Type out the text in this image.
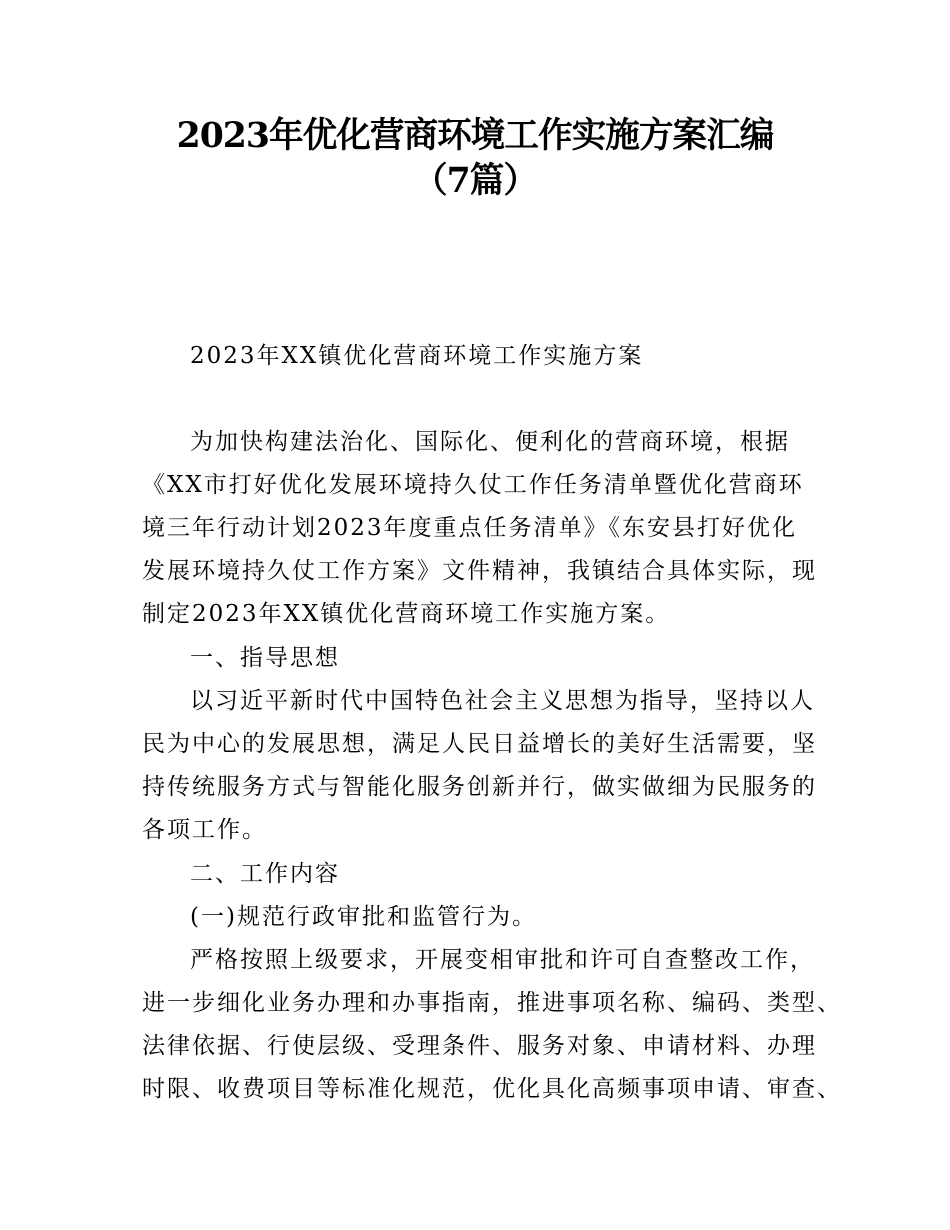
2023年优化营商环境工作实施方案汇编
（7篇）
2023年XX镇优化营商环境工作实施方案
为加快构建法治化、国际化、便利化的营商环境，根据
《XX市打好优化发展环境持久仗工作任务清单暨优化营商环
境三年行动计划2023年度重点任务清单》《东安县打好优化
发展环境持久仗工作方案》文件精神，我镇结合具体实际，现
制定2023年XX镇优化营商环境工作实施方案。
一、指导思想
以习近平新时代中国特色社会主义思想为指导，坚持以人
民为中心的发展思想，满足人民日益增长的美好生活需要，坚
持传统服务方式与智能化服务创新并行，做实做细为民服务的
各项工作。
二、工作内容
(一)规范行政审批和监管行为。
严格按照上级要求，开展变相审批和许可自查整改工作，
进一步细化业务办理和办事指南，推进事项名称、编码、类型、
法律依据、行使层级、受理条件、服务对象、申请材料、办理
时限、收费项目等标准化规范，优化具化高频事项申请、审查、
